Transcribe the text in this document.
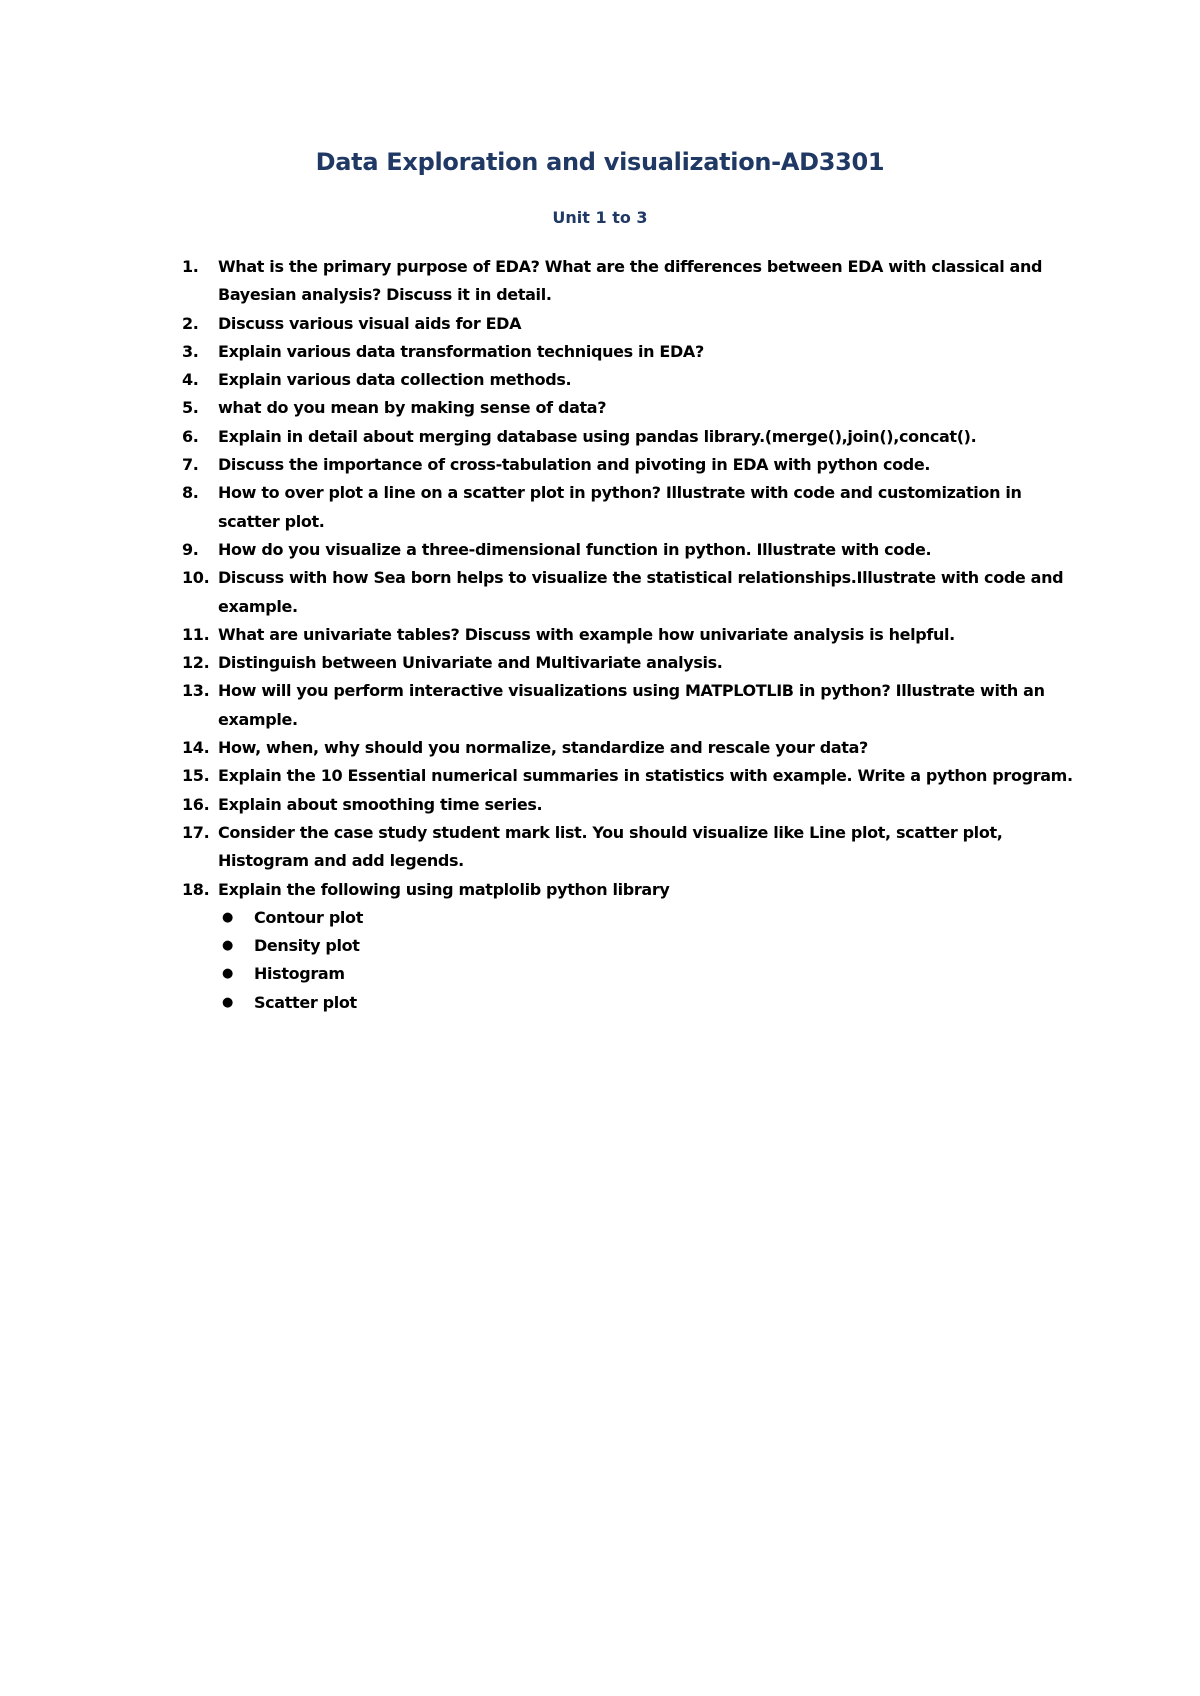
Data Exploration and visualization-AD3301
Unit 1 to 3
1.	What is the primary purpose of EDA? What are the differences between EDA with classical and Bayesian analysis? Discuss it in detail.
2.	Discuss various visual aids for EDA
3.	Explain various data transformation techniques in EDA?
4.	Explain various data collection methods.
5.	what do you mean by making sense of data?
6.	Explain in detail about merging database using pandas library.(merge(),join(),concat().
7.	Discuss the importance of cross-tabulation and pivoting in EDA with python code.
8.	How to over plot a line on a scatter plot in python? Illustrate with code and customization in scatter plot.
9.	How do you visualize a three-dimensional function in python. Illustrate with code.
10. Discuss with how Sea born helps to visualize the statistical relationships.Illustrate with code and example.
11. What are univariate tables? Discuss with example how univariate analysis is helpful.
12. Distinguish between Univariate and Multivariate analysis.
13. How will you perform interactive visualizations using MATPLOTLIB in python? Illustrate with an example.
14. How, when, why should you normalize, standardize and rescale your data?
15. Explain the 10 Essential numerical summaries in statistics with example. Write a python program.
16. Explain about smoothing time series.
17. Consider the case study student mark list. You should visualize like Line plot, scatter plot, Histogram and add legends.
18. Explain the following using matplolib python library
● Contour plot
● Density plot
● Histogram
● Scatter plot
